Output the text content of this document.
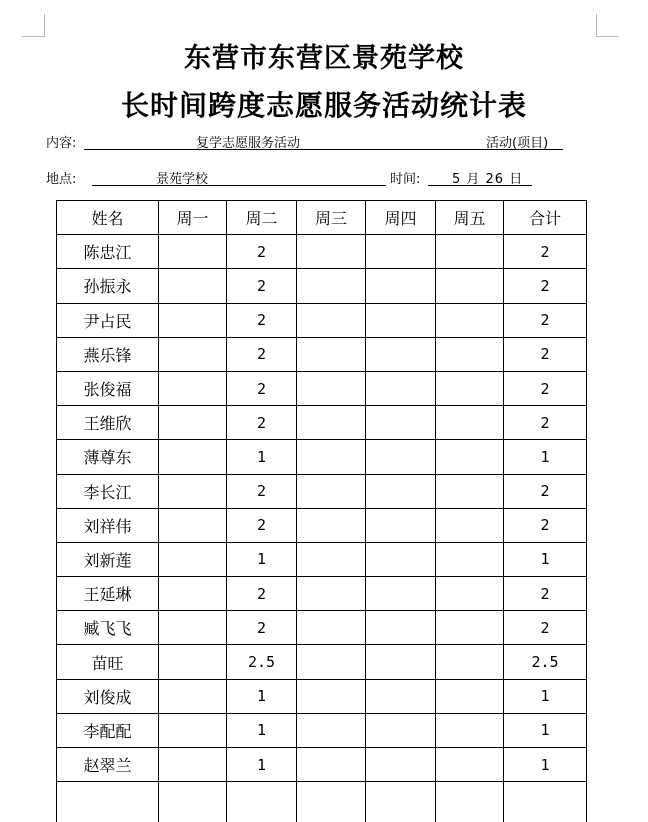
东营市东营区景苑学校
长时间跨度志愿服务活动统计表
内容:	复学志愿服务活动	活动(项目)
地点:	景苑学校	时间: 5 月 26 日
姓名	周一	周二	周三	周四	周五	合计
陈忠江		2				2
孙振永		2				2
尹占民		2				2
燕乐锋		2				2
张俊福		2				2
王维欣		2				2
薄尊东		1				1
李长江		2				2
刘祥伟		2				2
刘新莲		1				1
王延琳		2				2
臧飞飞		2				2
苗旺		2.5				2.5
刘俊成		1				1
李配配		1				1
赵翠兰		1				1
